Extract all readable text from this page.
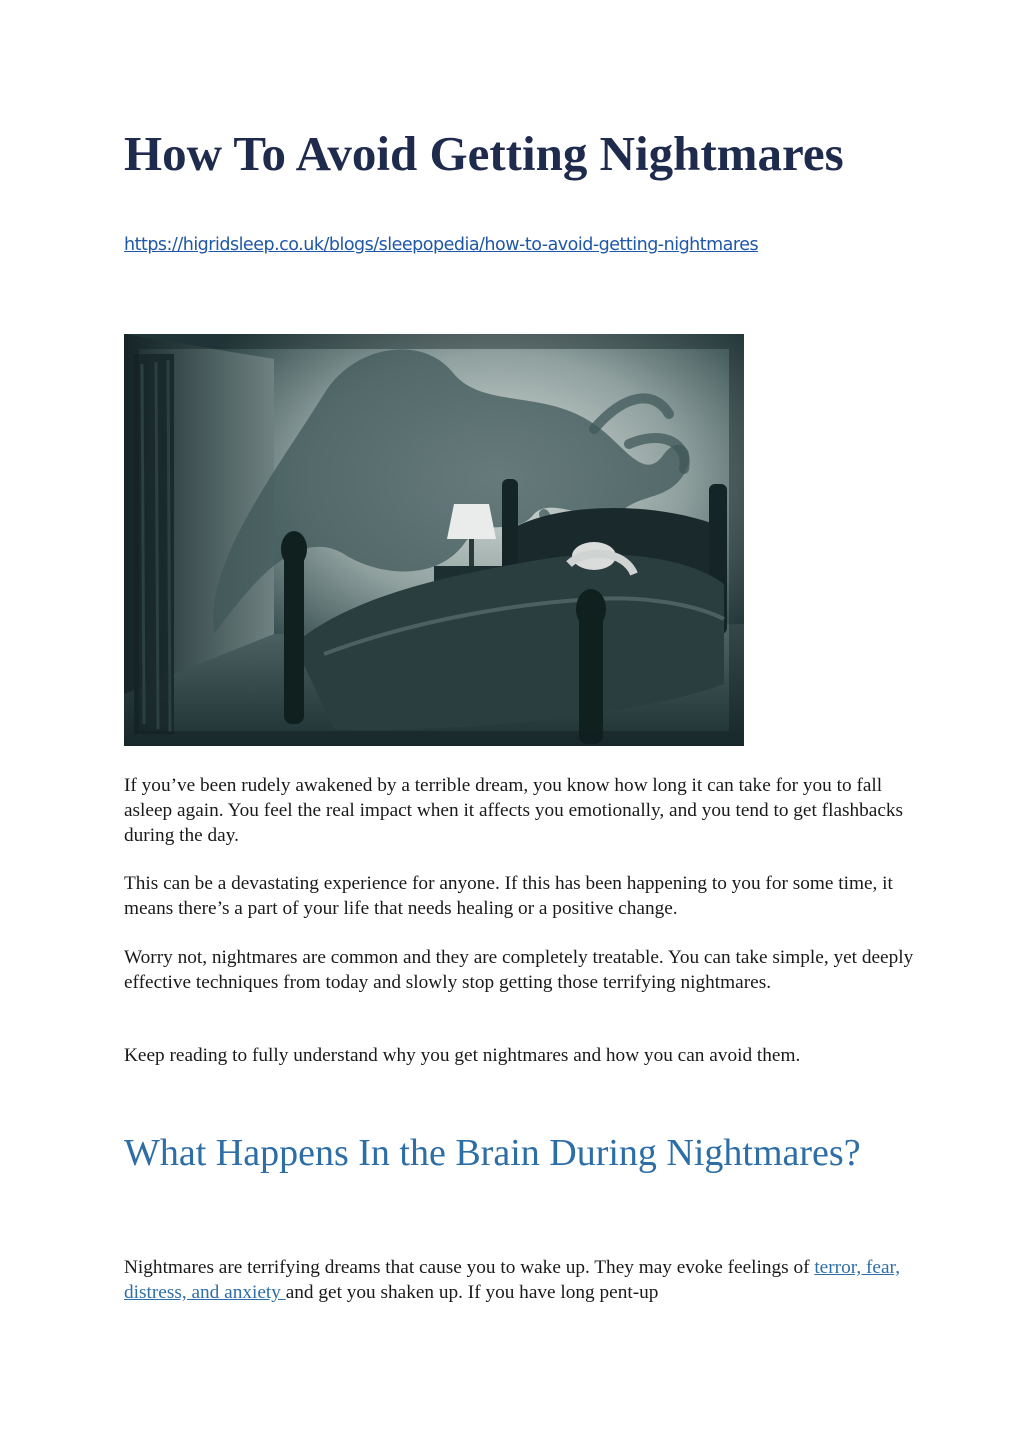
How To Avoid Getting Nightmares
https://higridsleep.co.uk/blogs/sleepopedia/how-to-avoid-getting-nightmares

If you’ve been rudely awakened by a terrible dream, you know how long it can take for you to fall asleep again. You feel the real impact when it affects you emotionally, and you tend to get flashbacks during the day.

This can be a devastating experience for anyone. If this has been happening to you for some time, it means there’s a part of your life that needs healing or a positive change.

Worry not, nightmares are common and they are completely treatable. You can take simple, yet deeply effective techniques from today and slowly stop getting those terrifying nightmares.

Keep reading to fully understand why you get nightmares and how you can avoid them.

What Happens In the Brain During Nightmares?

Nightmares are terrifying dreams that cause you to wake up. They may evoke feelings of terror, fear, distress, and anxiety and get you shaken up. If you have long pent-up
